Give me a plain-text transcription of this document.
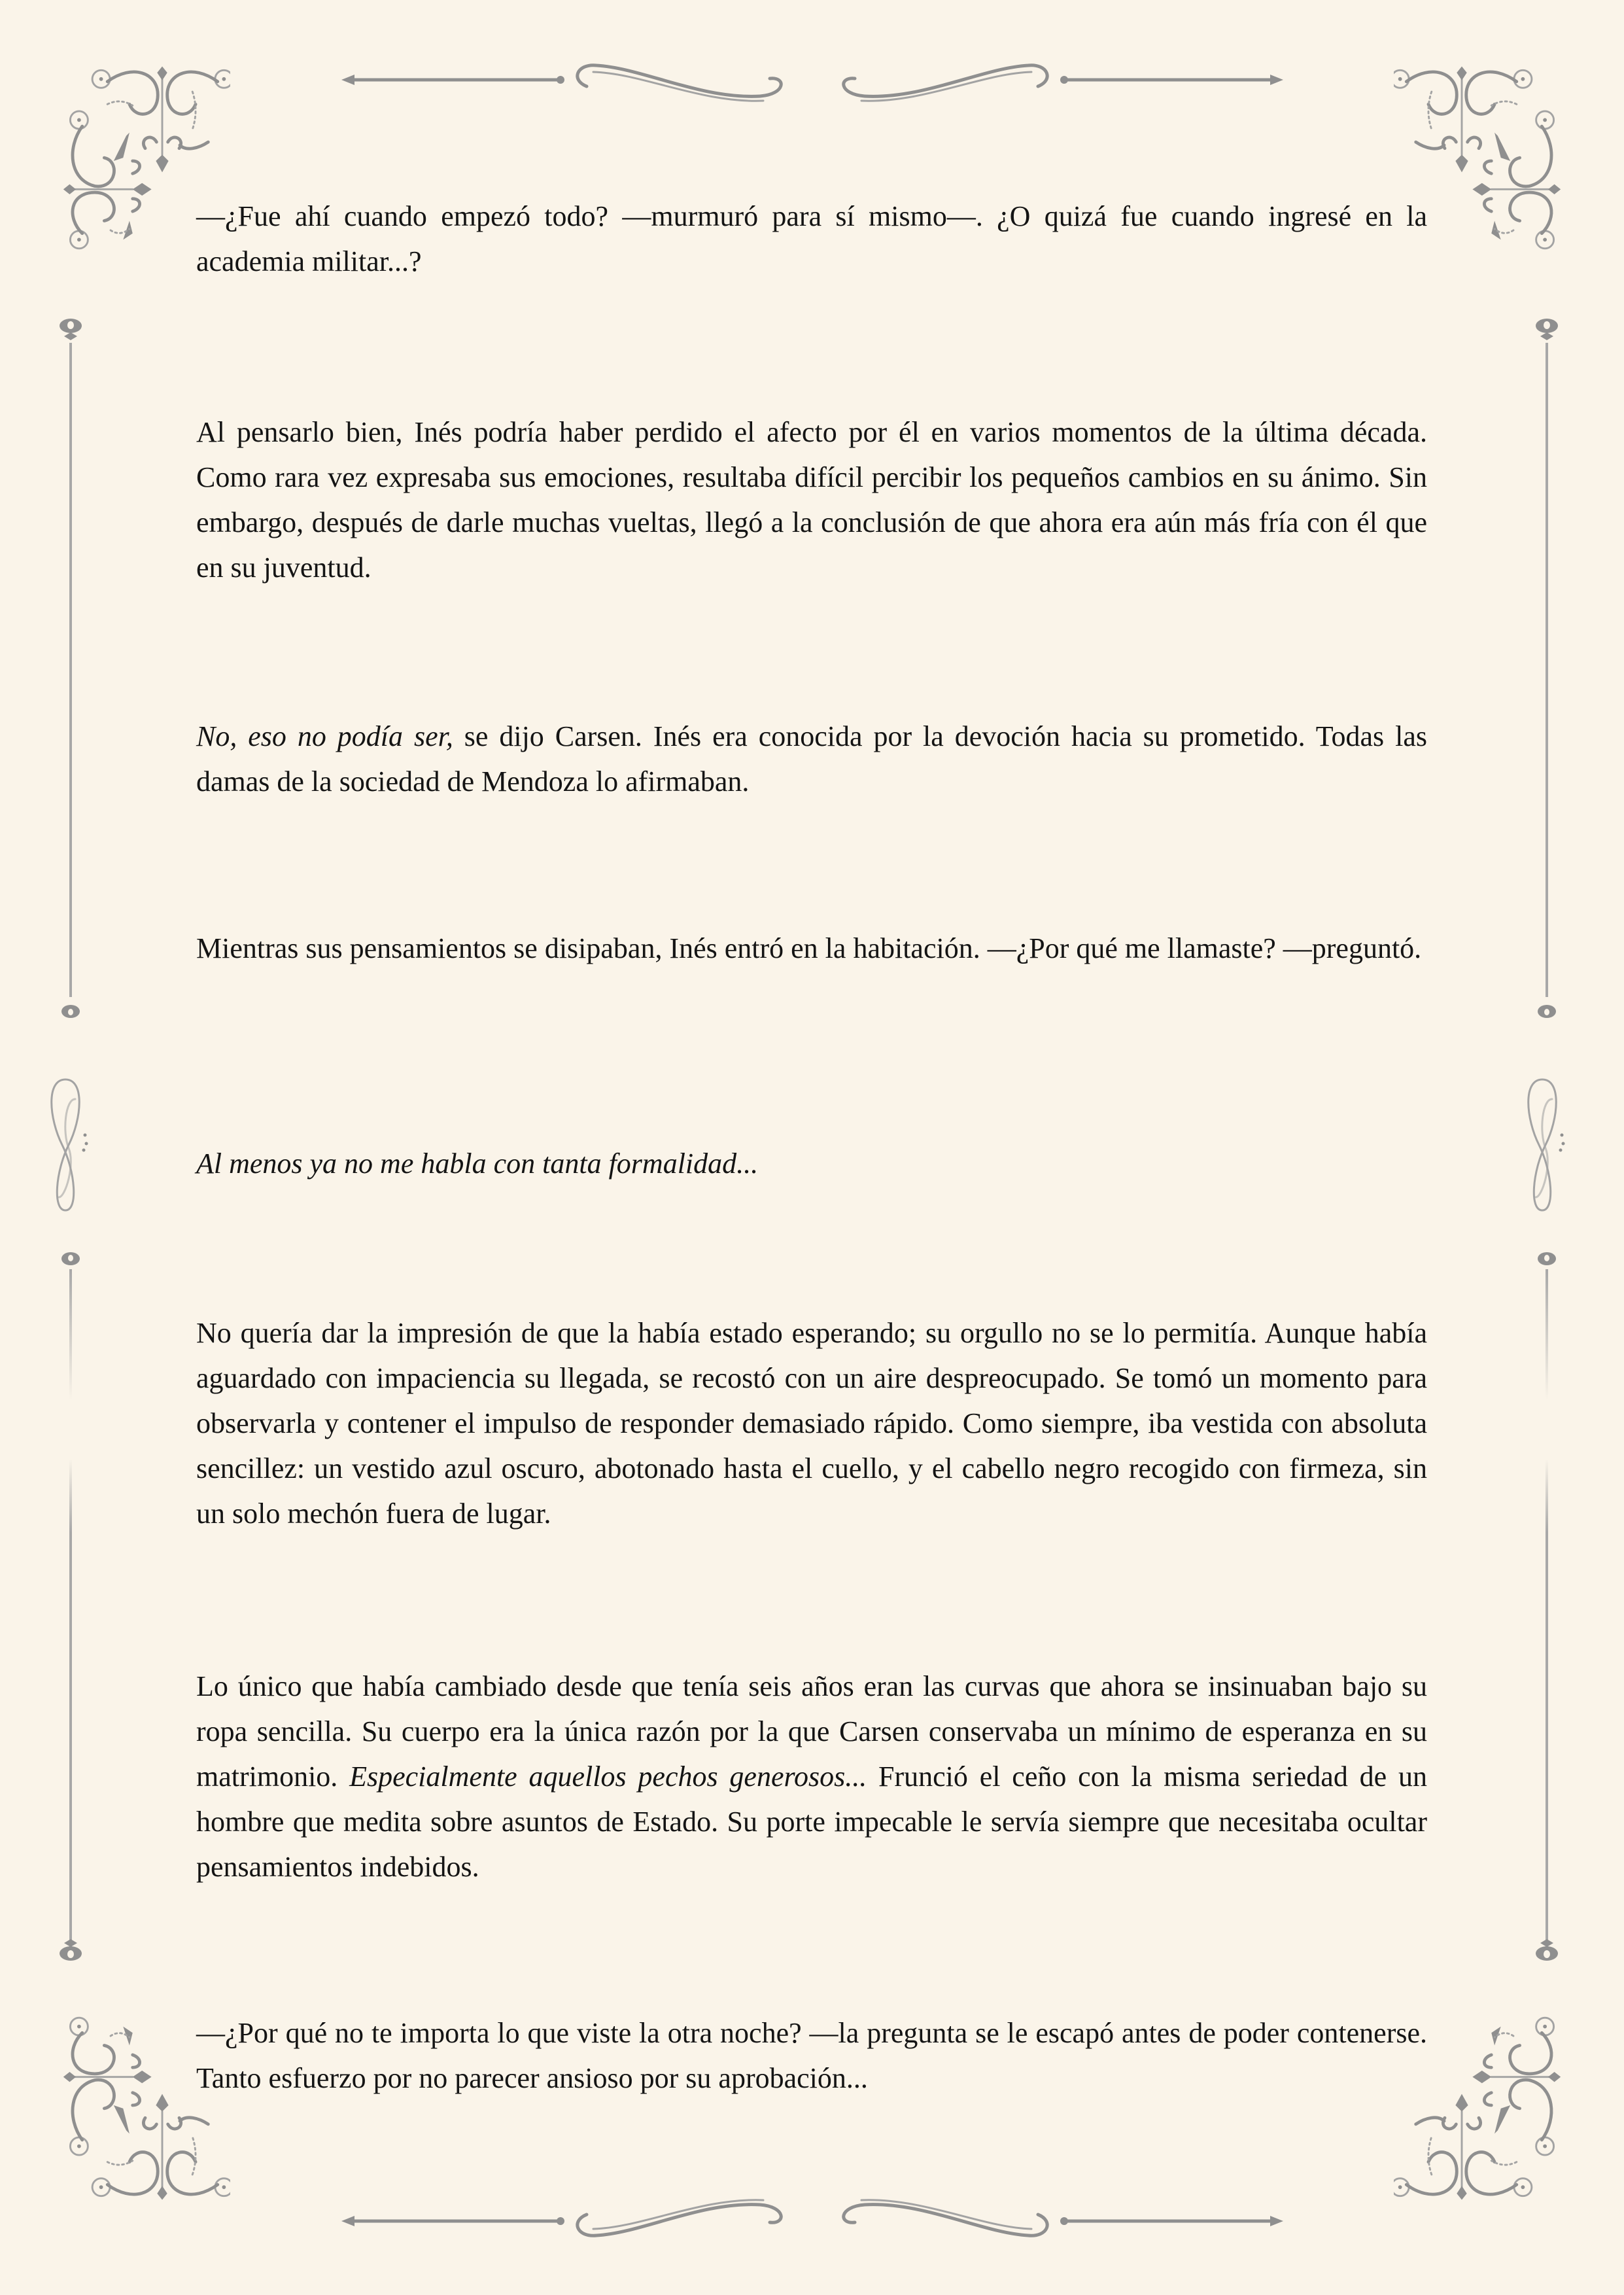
—¿Fue ahí cuando empezó todo? —murmuró para sí mismo—. ¿O quizá fue cuando ingresé en la academia militar...?

Al pensarlo bien, Inés podría haber perdido el afecto por él en varios momentos de la última década. Como rara vez expresaba sus emociones, resultaba difícil percibir los pequeños cambios en su ánimo. Sin embargo, después de darle muchas vueltas, llegó a la conclusión de que ahora era aún más fría con él que en su juventud.

No, eso no podía ser, se dijo Carsen. Inés era conocida por la devoción hacia su prometido. Todas las damas de la sociedad de Mendoza lo afirmaban.

Mientras sus pensamientos se disipaban, Inés entró en la habitación. —¿Por qué me llamaste? —preguntó.

Al menos ya no me habla con tanta formalidad...

No quería dar la impresión de que la había estado esperando; su orgullo no se lo permitía. Aunque había aguardado con impaciencia su llegada, se recostó con un aire despreocupado. Se tomó un momento para observarla y contener el impulso de responder demasiado rápido. Como siempre, iba vestida con absoluta sencillez: un vestido azul oscuro, abotonado hasta el cuello, y el cabello negro recogido con firmeza, sin un solo mechón fuera de lugar.

Lo único que había cambiado desde que tenía seis años eran las curvas que ahora se insinuaban bajo su ropa sencilla. Su cuerpo era la única razón por la que Carsen conservaba un mínimo de esperanza en su matrimonio. Especialmente aquellos pechos generosos... Frunció el ceño con la misma seriedad de un hombre que medita sobre asuntos de Estado. Su porte impecable le servía siempre que necesitaba ocultar pensamientos indebidos.

—¿Por qué no te importa lo que viste la otra noche? —la pregunta se le escapó antes de poder contenerse. Tanto esfuerzo por no parecer ansioso por su aprobación...
